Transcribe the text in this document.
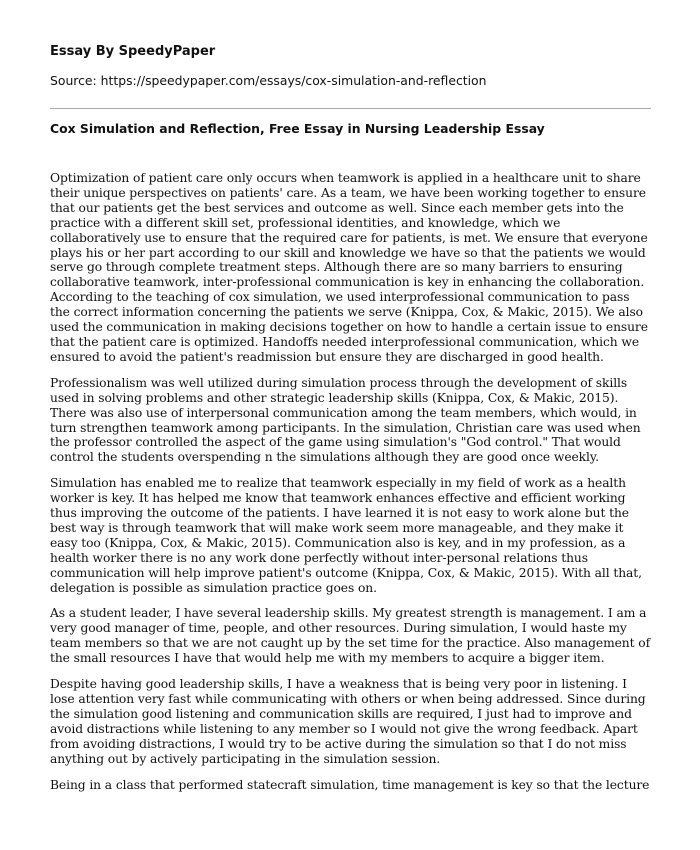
Essay By SpeedyPaper

Source: https://speedypaper.com/essays/cox-simulation-and-reflection

Cox Simulation and Reflection, Free Essay in Nursing Leadership Essay

Optimization of patient care only occurs when teamwork is applied in a healthcare unit to share their unique perspectives on patients' care. As a team, we have been working together to ensure that our patients get the best services and outcome as well. Since each member gets into the practice with a different skill set, professional identities, and knowledge, which we collaboratively use to ensure that the required care for patients, is met. We ensure that everyone plays his or her part according to our skill and knowledge we have so that the patients we would serve go through complete treatment steps. Although there are so many barriers to ensuring collaborative teamwork, inter-professional communication is key in enhancing the collaboration. According to the teaching of cox simulation, we used interprofessional communication to pass the correct information concerning the patients we serve (Knippa, Cox, & Makic, 2015). We also used the communication in making decisions together on how to handle a certain issue to ensure that the patient care is optimized. Handoffs needed interprofessional communication, which we ensured to avoid the patient's readmission but ensure they are discharged in good health.

Professionalism was well utilized during simulation process through the development of skills used in solving problems and other strategic leadership skills (Knippa, Cox, & Makic, 2015). There was also use of interpersonal communication among the team members, which would, in turn strengthen teamwork among participants. In the simulation, Christian care was used when the professor controlled the aspect of the game using simulation's "God control." That would control the students overspending n the simulations although they are good once weekly.

Simulation has enabled me to realize that teamwork especially in my field of work as a health worker is key. It has helped me know that teamwork enhances effective and efficient working thus improving the outcome of the patients. I have learned it is not easy to work alone but the best way is through teamwork that will make work seem more manageable, and they make it easy too (Knippa, Cox, & Makic, 2015). Communication also is key, and in my profession, as a health worker there is no any work done perfectly without inter-personal relations thus communication will help improve patient's outcome (Knippa, Cox, & Makic, 2015). With all that, delegation is possible as simulation practice goes on.

As a student leader, I have several leadership skills. My greatest strength is management. I am a very good manager of time, people, and other resources. During simulation, I would haste my team members so that we are not caught up by the set time for the practice. Also management of the small resources I have that would help me with my members to acquire a bigger item.

Despite having good leadership skills, I have a weakness that is being very poor in listening. I lose attention very fast while communicating with others or when being addressed. Since during the simulation good listening and communication skills are required, I just had to improve and avoid distractions while listening to any member so I would not give the wrong feedback. Apart from avoiding distractions, I would try to be active during the simulation so that I do not miss anything out by actively participating in the simulation session.

Being in a class that performed statecraft simulation, time management is key so that the lecture
